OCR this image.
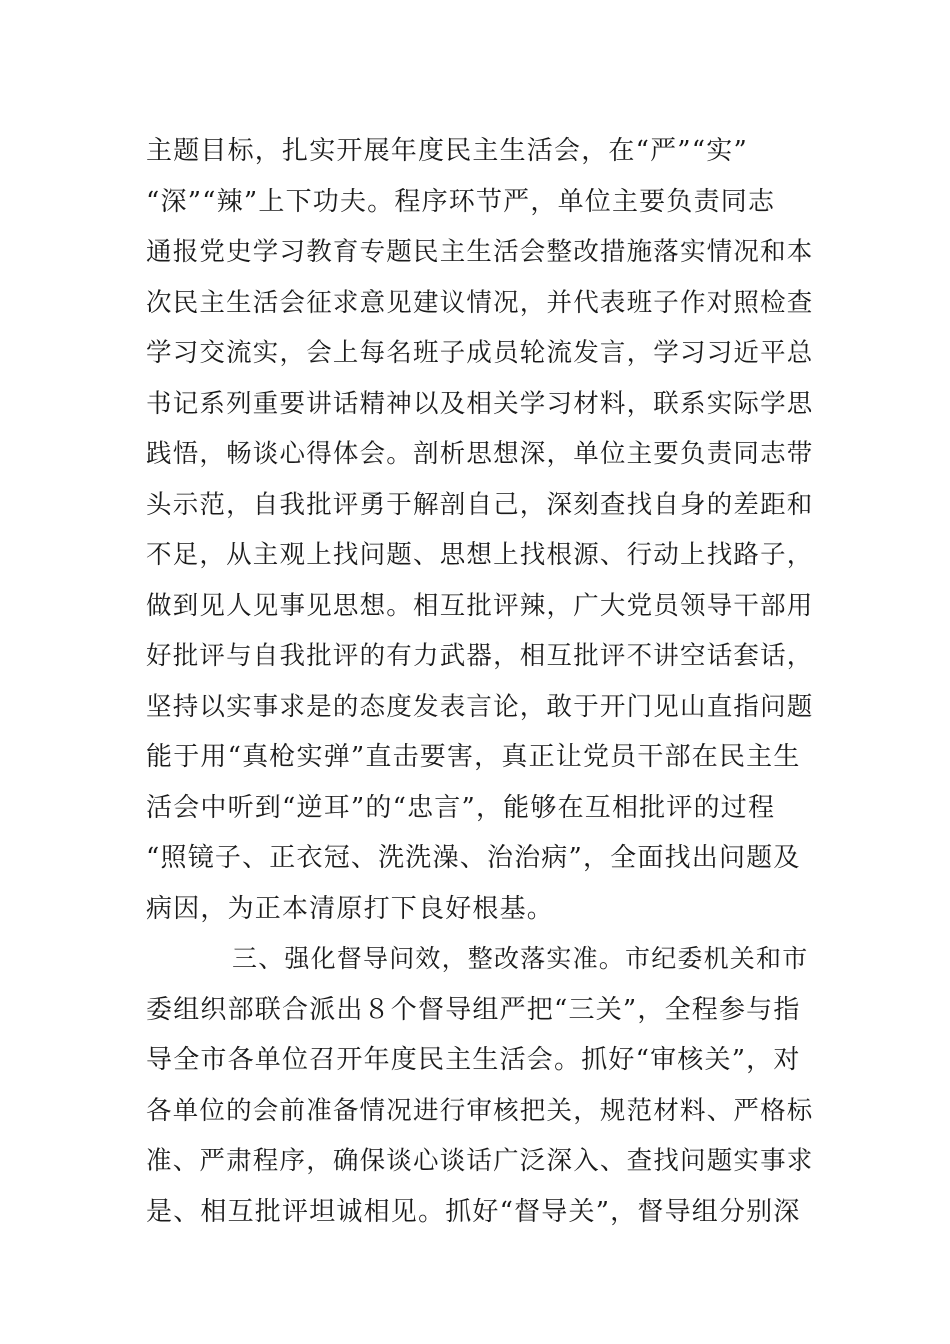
主题目标，扎实开展年度民主生活会，在“严”“实”
“深”“辣”上下功夫。程序环节严，单位主要负责同志
通报党史学习教育专题民主生活会整改措施落实情况和本
次民主生活会征求意见建议情况，并代表班子作对照检查
学习交流实，会上每名班子成员轮流发言，学习习近平总
书记系列重要讲话精神以及相关学习材料，联系实际学思
践悟，畅谈心得体会。剖析思想深，单位主要负责同志带
头示范，自我批评勇于解剖自己，深刻查找自身的差距和
不足，从主观上找问题、思想上找根源、行动上找路子，
做到见人见事见思想。相互批评辣，广大党员领导干部用
好批评与自我批评的有力武器，相互批评不讲空话套话，
坚持以实事求是的态度发表言论，敢于开门见山直指问题
能于用“真枪实弹”直击要害，真正让党员干部在民主生
活会中听到“逆耳”的“忠言”，能够在互相批评的过程
“照镜子、正衣冠、洗洗澡、治治病”，全面找出问题及
病因，为正本清原打下良好根基。
三、强化督导问效，整改落实准。市纪委机关和市
委组织部联合派出８个督导组严把“三关”，全程参与指
导全市各单位召开年度民主生活会。抓好“审核关”，对
各单位的会前准备情况进行审核把关，规范材料、严格标
准、严肃程序，确保谈心谈话广泛深入、查找问题实事求
是、相互批评坦诚相见。抓好“督导关”，督导组分别深
